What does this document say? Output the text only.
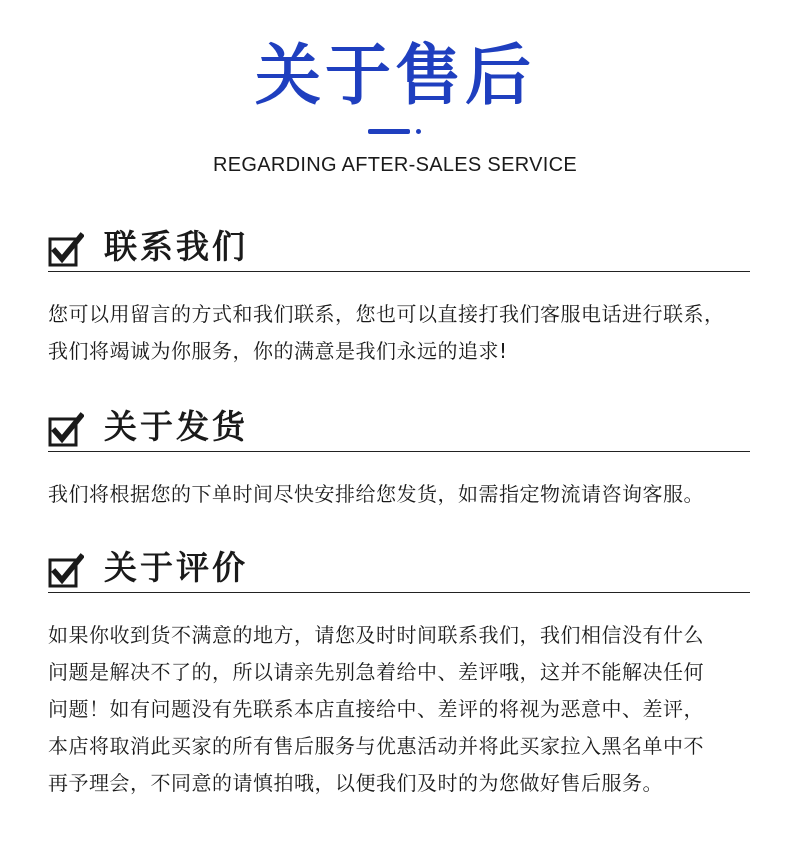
关于售后
REGARDING AFTER-SALES SERVICE
联系我们

您可以用留言的方式和我们联系，您也可以直接打我们客服电话进行联系，

我们将竭诚为你服务，你的满意是我们永远的追求!

关于发货

我们将根据您的下单时间尽快安排给您发货，如需指定物流请咨询客服。

关于评价

如果你收到货不满意的地方，请您及时时间联系我们，我们相信没有什么

问题是解决不了的，所以请亲先别急着给中、差评哦，这并不能解决任何

问题！如有问题没有先联系本店直接给中、差评的将视为恶意中、差评，

本店将取消此买家的所有售后服务与优惠活动并将此买家拉入黑名单中不

再予理会，不同意的请慎拍哦，以便我们及时的为您做好售后服务。
